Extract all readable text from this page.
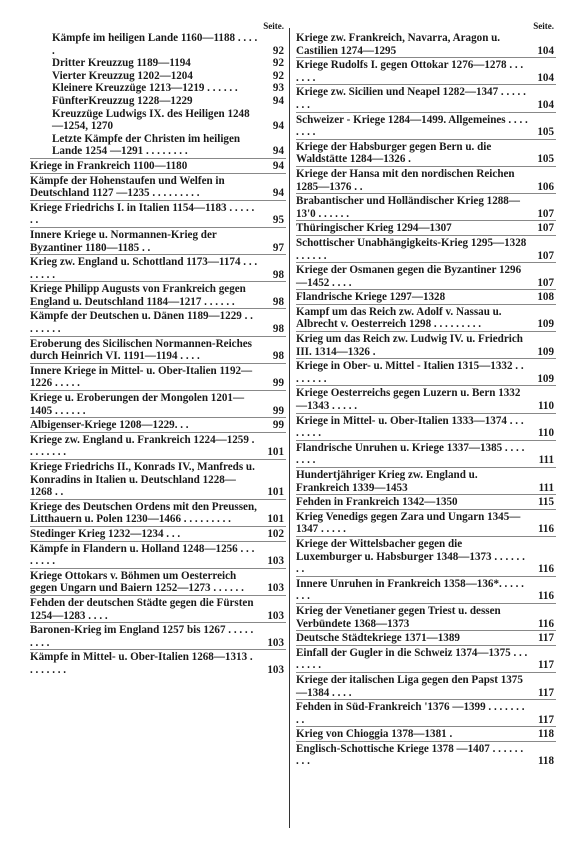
Seite.
Kämpfe im heiligen Lande 1160—1188 . . . . .	92
Dritter Kreuzzug 1189—1194	92
Vierter Kreuzzug 1202—1204	92
Kleinere Kreuzzüge 1213—1219 . . . . . .	93
FünfterKreuzzug 1228—1229	94
Kreuzzüge Ludwigs IX. des Heiligen 1248—1254, 1270	94
Letzte Kämpfe der Christen im heiligen Lande 1254 —1291 . . . . . . . .	94
Kriege in Frankreich 1100—1180	94
Kämpfe der Hohenstaufen und Welfen in Deutschland 1127 —1235 . . . . . . . . .	94
Kriege Friedrichs I. in Italien 1154—1183 . . . . . . .	95
Innere Kriege u. Normannen-Krieg der Byzantiner 1180—1185 . .	97
Krieg zw. England u. Schottland 1173—1174 . . . . . . . .	98
Kriege Philipp Augusts von Frankreich gegen England u. Deutschland 1184—1217 . . . . . .	98
Kämpfe der Deutschen u. Dänen 1189—1229 . . . . . . . .	98
Eroberung des Sicilischen Normannen-Reiches durch Heinrich VI. 1191—1194 . . . .	98
Innere Kriege in Mittel- u. Ober-Italien 1192—1226 . . . . .	99
Kriege u. Eroberungen der Mongolen 1201—1405 . . . . . .	99
Albigenser-Kriege 1208—1229. . .	99
Kriege zw. England u. Frankreich 1224—1259 . . . . . . . .	101
Kriege Friedrichs II., Konrads IV., Manfreds u. Konradins in Italien u. Deutschland 1228—1268 . .	101
Kriege des Deutschen Ordens mit den Preussen, Litthauern u. Polen 1230—1466 . . . . . . . . .	101
Stedinger Krieg 1232—1234 . . .	102
Kämpfe in Flandern u. Holland 1248—1256 . . . . . . . .	103
Kriege Ottokars v. Böhmen um Oesterreich gegen Ungarn und Baiern 1252—1273 . . . . . .	103
Fehden der deutschen Städte gegen die Fürsten 1254—1283 . . . .	103
Baronen-Krieg im England 1257 bis 1267 . . . . . . . . .	103
Kämpfe in Mittel- u. Ober-Italien 1268—1313 . . . . . . . .	103
Seite.
Kriege zw. Frankreich, Navarra, Aragon u. Castilien 1274—1295	104
Kriege Rudolfs I. gegen Ottokar 1276—1278 . . . . . . .	104
Kriege zw. Sicilien und Neapel 1282—1347 . . . . . . . .	104
Schweizer - Kriege 1284—1499. Allgemeines . . . . . . . .	105
Kriege der Habsburger gegen Bern u. die Waldstätte 1284—1326 .	105
Kriege der Hansa mit den nordischen Reichen 1285—1376 . .	106
Brabantischer und Holländischer Krieg 1288—13'0 . . . . . .	107
Thüringischer Krieg 1294—1307	107
Schottischer Unabhängigkeits-Krieg 1295—1328 . . . . . .	107
Kriege der Osmanen gegen die Byzantiner 1296—1452 . . . .	107
Flandrische Kriege 1297—1328	108
Kampf um das Reich zw. Adolf v. Nassau u. Albrecht v. Oesterreich 1298 . . . . . . . . .	109
Krieg um das Reich zw. Ludwig IV. u. Friedrich III. 1314—1326 .	109
Kriege in Ober- u. Mittel - Italien 1315—1332 . . . . . . . .	109
Kriege Oesterreichs gegen Luzern u. Bern 1332—1343 . . . . .	110
Kriege in Mittel- u. Ober-Italien 1333—1374 . . . . . . . .	110
Flandrische Unruhen u. Kriege 1337—1385 . . . . . . . .	111
Hundertjähriger Krieg zw. England u. Frankreich 1339—1453	111
Fehden in Frankreich 1342—1350	115
Krieg Venedigs gegen Zara und Ungarn 1345—1347 . . . . .	116
Kriege der Wittelsbacher gegen die Luxemburger u. Habsburger 1348—1373 . . . . . . . .	116
Innere Unruhen in Frankreich 1358—136*. . . . . . . .	116
Krieg der Venetianer gegen Triest u. dessen Verbündete 1368—1373	116
Deutsche Städtekriege 1371—1389	117
Einfall der Gugler in die Schweiz 1374—1375 . . . . . . . .	117
Kriege der italischen Liga gegen den Papst 1375—1384 . . . .	117
Fehden in Süd-Frankreich '1376 —1399 . . . . . . . . .	117
Krieg von Chioggia 1378—1381 .	118
Englisch-Schottische Kriege 1378 —1407 . . . . . . . . .	118
